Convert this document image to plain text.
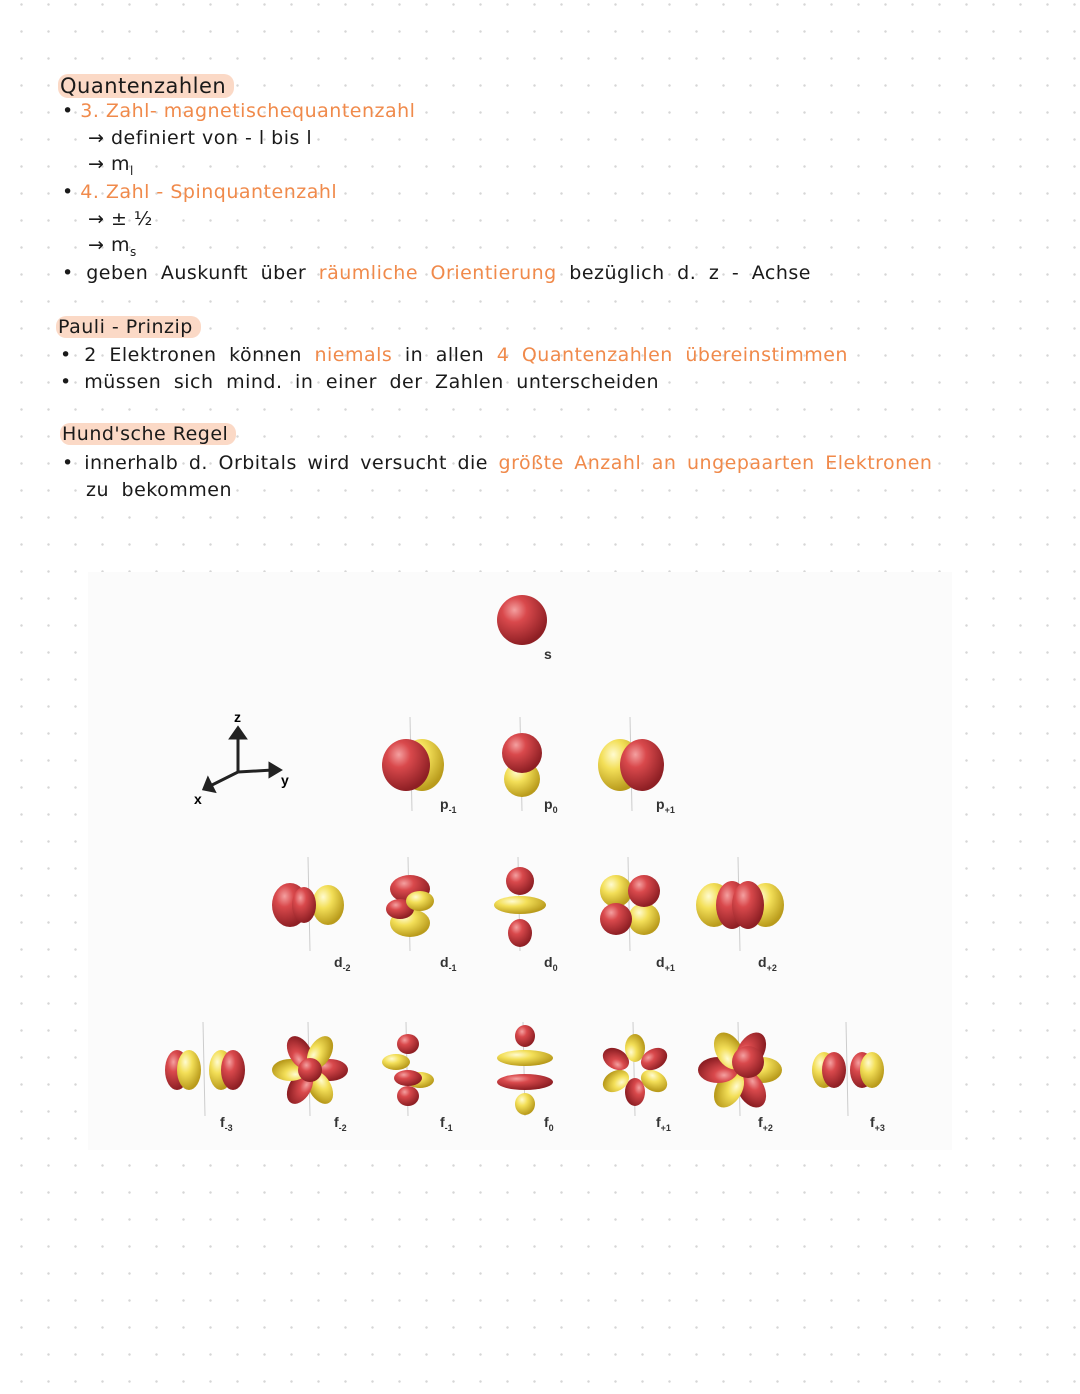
Quantenzahlen
• 3. Zahl- magnetischequantenzahl
→ definiert von - l bis l
→ $m_l$
• 4. Zahl - Spinquantenzahl
→ ± ½
→ $m_s$
• geben Auskunft über räumliche Orientierung bezüglich d. z - Achse
Pauli - Prinzip
• 2 Elektronen können niemals in allen 4 Quantenzahlen übereinstimmen
• müssen sich mind. in einer der Zahlen unterscheiden
Hund'sche Regel
• innerhalb d. Orbitals wird versucht die größte Anzahl an ungepaarten Elektronen
zu bekommen
z
y
x
s
$p_{-1}$	$p_0$	$p_{+1}$
$d_{-2}$	$d_{-1}$	$d_0$	$d_{+1}$	$d_{+2}$
$f_{-3}$	$f_{-2}$	$f_{-1}$	$f_0$	$f_{+1}$	$f_{+2}$	$f_{+3}$
